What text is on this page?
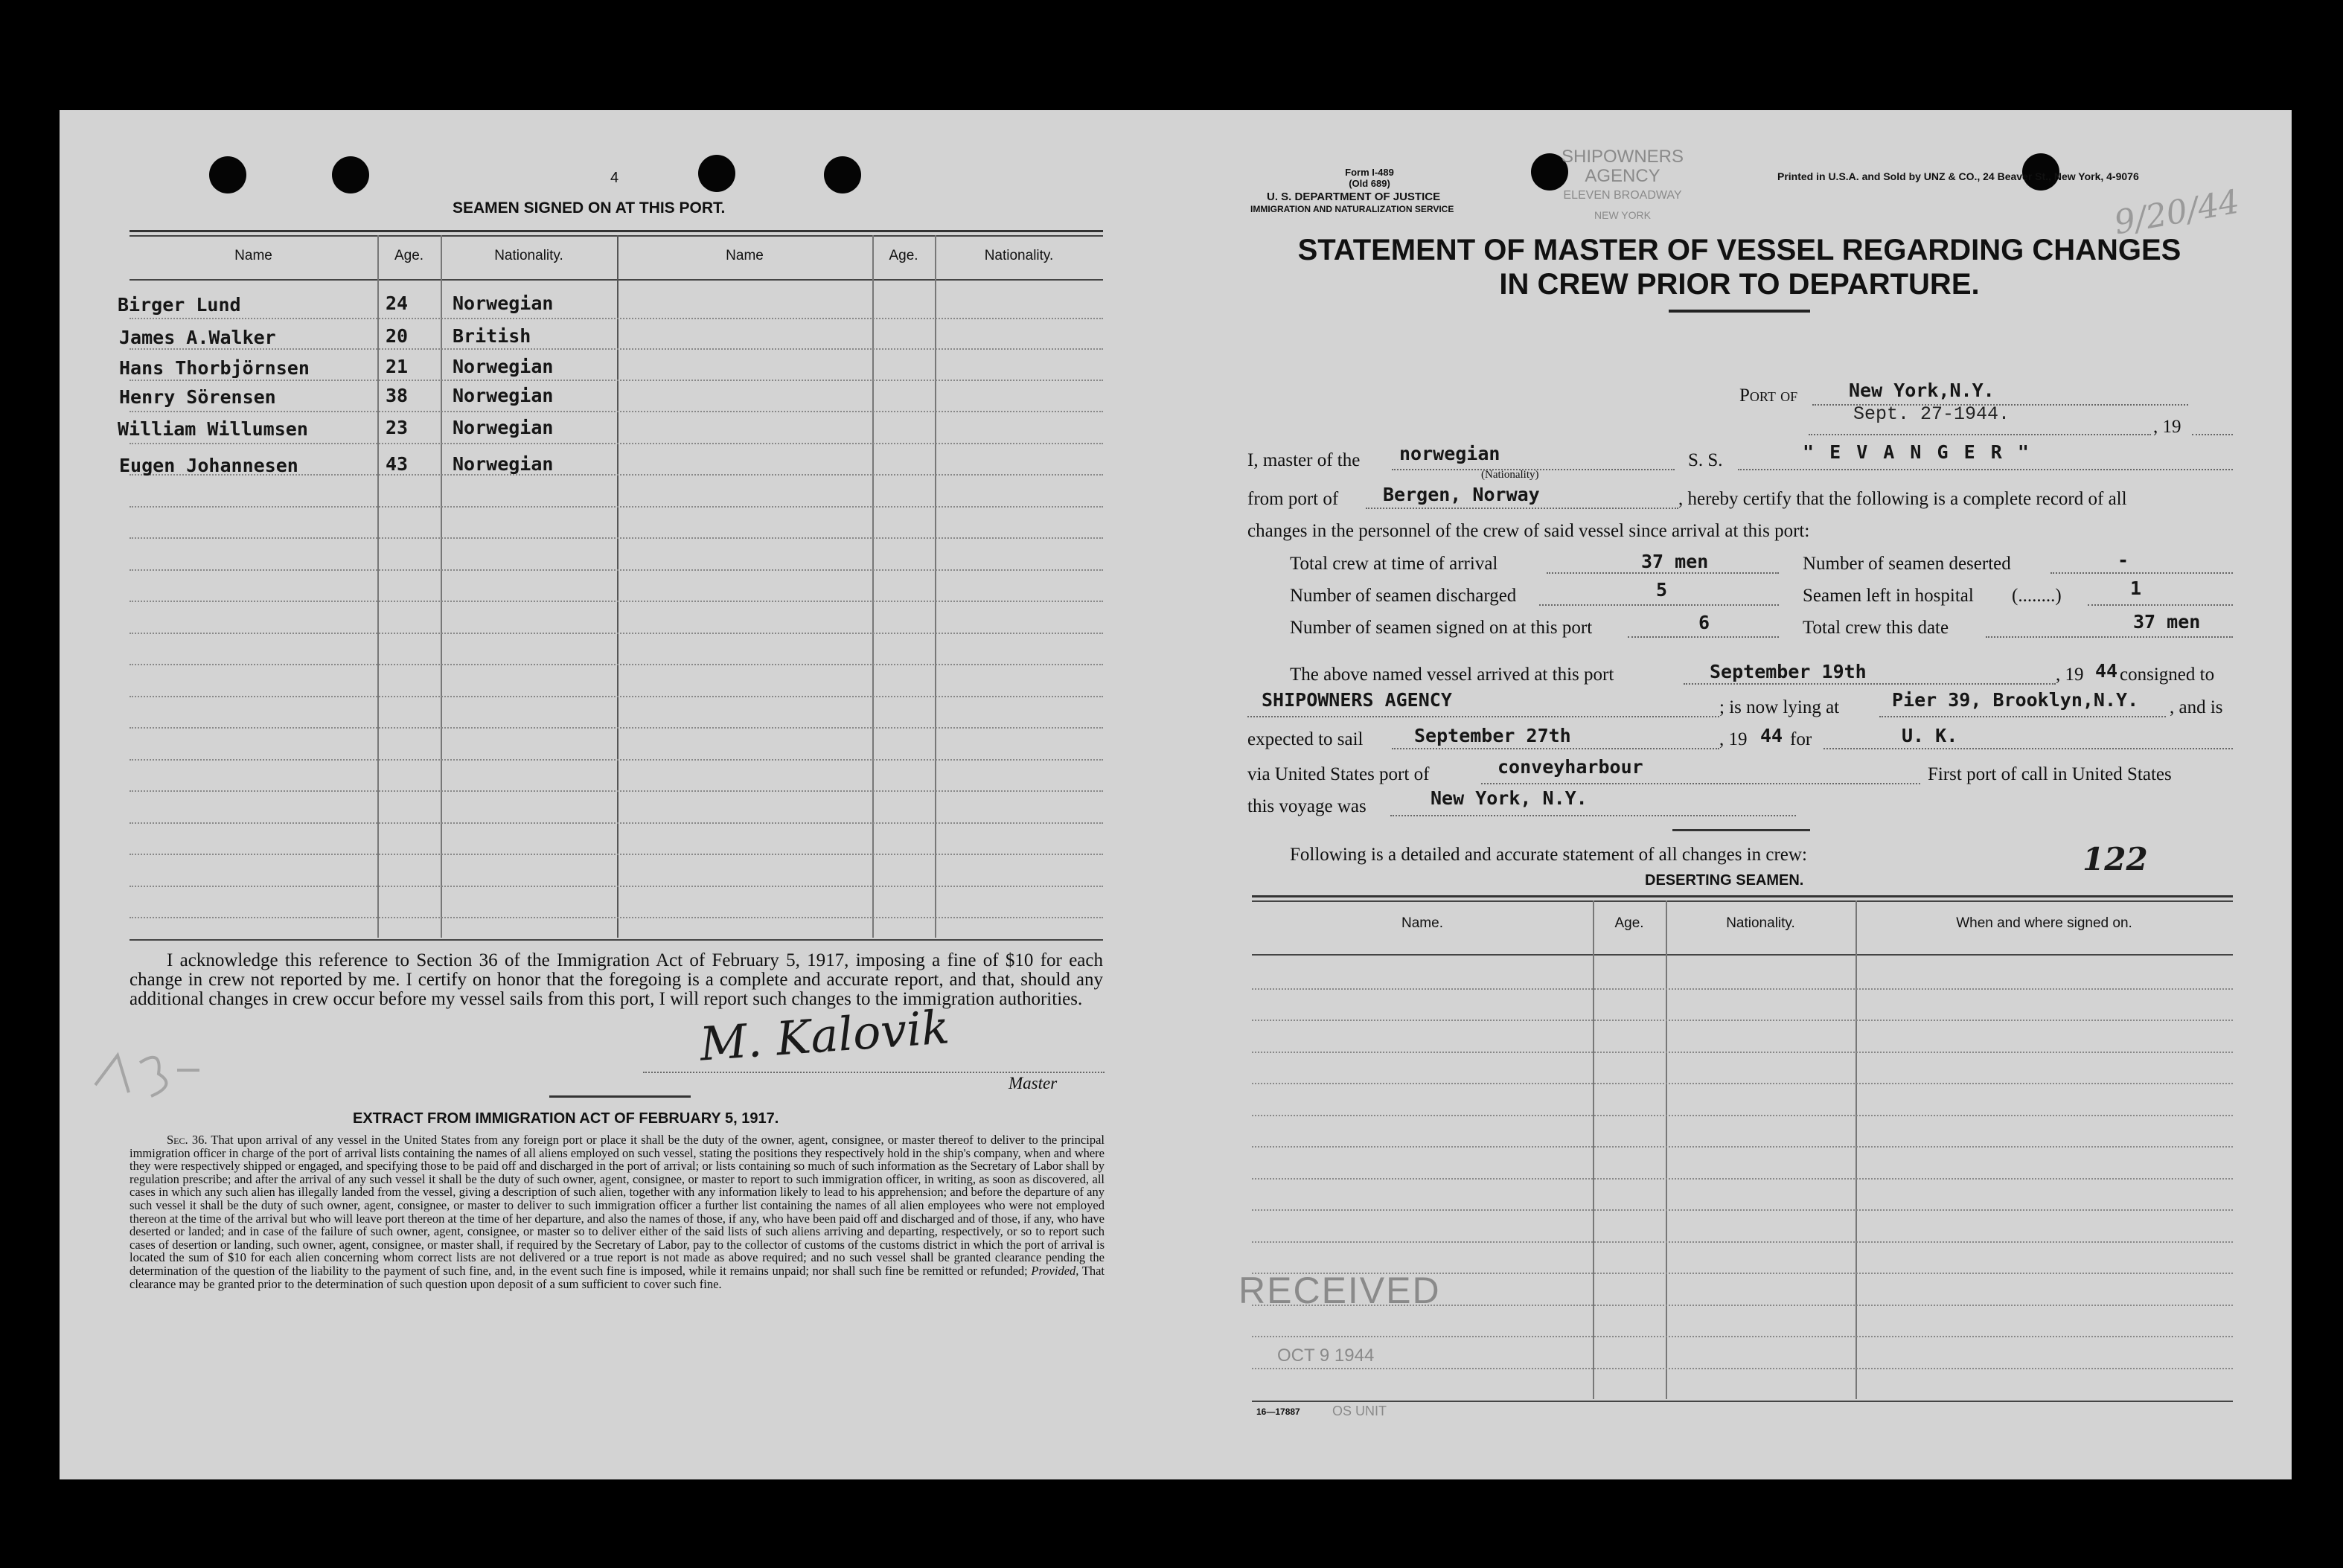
4
SEAMEN SIGNED ON AT THIS PORT.
Name	Age.	Nationality.	Name	Age.	Nationality.
Birger Lund	24 Norwegian
James A.Walker	20 British
Hans Thorbjörnsen	21 Norwegian
Henry Sörensen	38 Norwegian
William Willumsen	23 Norwegian
Eugen Johannesen	43 Norwegian
I acknowledge this reference to Section 36 of the Immigration Act of February 5, 1917, imposing a fine of $10 for each change in crew not reported by me. I certify on honor that the foregoing is a complete and accurate report, and that, should any additional changes in crew occur before my vessel sails from this port, I will report such changes to the immigration authorities.
M. Kalovik
Master
EXTRACT FROM IMMIGRATION ACT OF FEBRUARY 5, 1917.
Sec. 36. That upon arrival of any vessel in the United States from any foreign port or place it shall be the duty of the owner, agent, consignee, or master thereof to deliver to the principal immigration officer in charge of the port of arrival lists containing the names of all aliens employed on such vessel, stating the positions they respectively hold in the ship's company, when and where they were respectively shipped or engaged, and specifying those to be paid off and discharged in the port of arrival; or lists containing so much of such information as the Secretary of Labor shall by regulation prescribe; and after the arrival of any such vessel it shall be the duty of such owner, agent, consignee, or master to report to such immigration officer, in writing, as soon as discovered, all cases in which any such alien has illegally landed from the vessel, giving a description of such alien, together with any information likely to lead to his apprehension; and before the departure of any such vessel it shall be the duty of such owner, agent, consignee, or master to deliver to such immigration officer a further list containing the names of all alien employees who were not employed thereon at the time of the arrival but who will leave port thereon at the time of her departure, and also the names of those, if any, who have been paid off and discharged and of those, if any, who have deserted or landed; and in case of the failure of such owner, agent, consignee, or master so to deliver either of the said lists of such aliens arriving and departing, respectively, or so to report such cases of desertion or landing, such owner, agent, consignee, or master shall, if required by the Secretary of Labor, pay to the collector of customs of the customs district in which the port of arrival is located the sum of $10 for each alien concerning whom correct lists are not delivered or a true report is not made as above required; and no such vessel shall be granted clearance pending the determination of the question of the liability to the payment of such fine, and, in the event such fine is imposed, while it remains unpaid; nor shall such fine be remitted or refunded; Provided, That clearance may be granted prior to the determination of such question upon deposit of a sum sufficient to cover such fine.
Form I-489
(Old 689)
U. S. DEPARTMENT OF JUSTICE
IMMIGRATION AND NATURALIZATION SERVICE
SHIPOWNERS AGENCY
ELEVEN BROADWAY
NEW YORK
Printed in U.S.A. and Sold by UNZ & CO., 24 Beaver St., New York, 4-9076
9/20/44
STATEMENT OF MASTER OF VESSEL REGARDING CHANGES
IN CREW PRIOR TO DEPARTURE.
Port of	New York,N.Y.
Sept. 27-1944.
, 19
I, master of the norwegian
(Nationality)
S. S.	" E V A N G E R "
from port of Bergen, Norway	, hereby certify that the following is a complete record of all
changes in the personnel of the crew of said vessel since arrival at this port:
Total crew at time of arrival	37 men	Number of seamen deserted	-
Number of seamen discharged	5	Seamen left in hospital (........)	1
Number of seamen signed on at this port	6	Total crew this date	37 men
The above named vessel arrived at this port	September 19th	, 19 44 consigned to
SHIPOWNERS AGENCY	; is now lying at	Pier 39, Brooklyn,N.Y. , and is
expected to sail	September 27th	, 19 44 for	U. K.
via United States port of	conveyharbour	First port of call in United States
this voyage was	New York, N.Y.
Following is a detailed and accurate statement of all changes in crew:	122
DESERTING SEAMEN.
Name.	Age.	Nationality.	When and where signed on.
RECEIVED
OCT 9 1944
16—17887 OS UNIT
